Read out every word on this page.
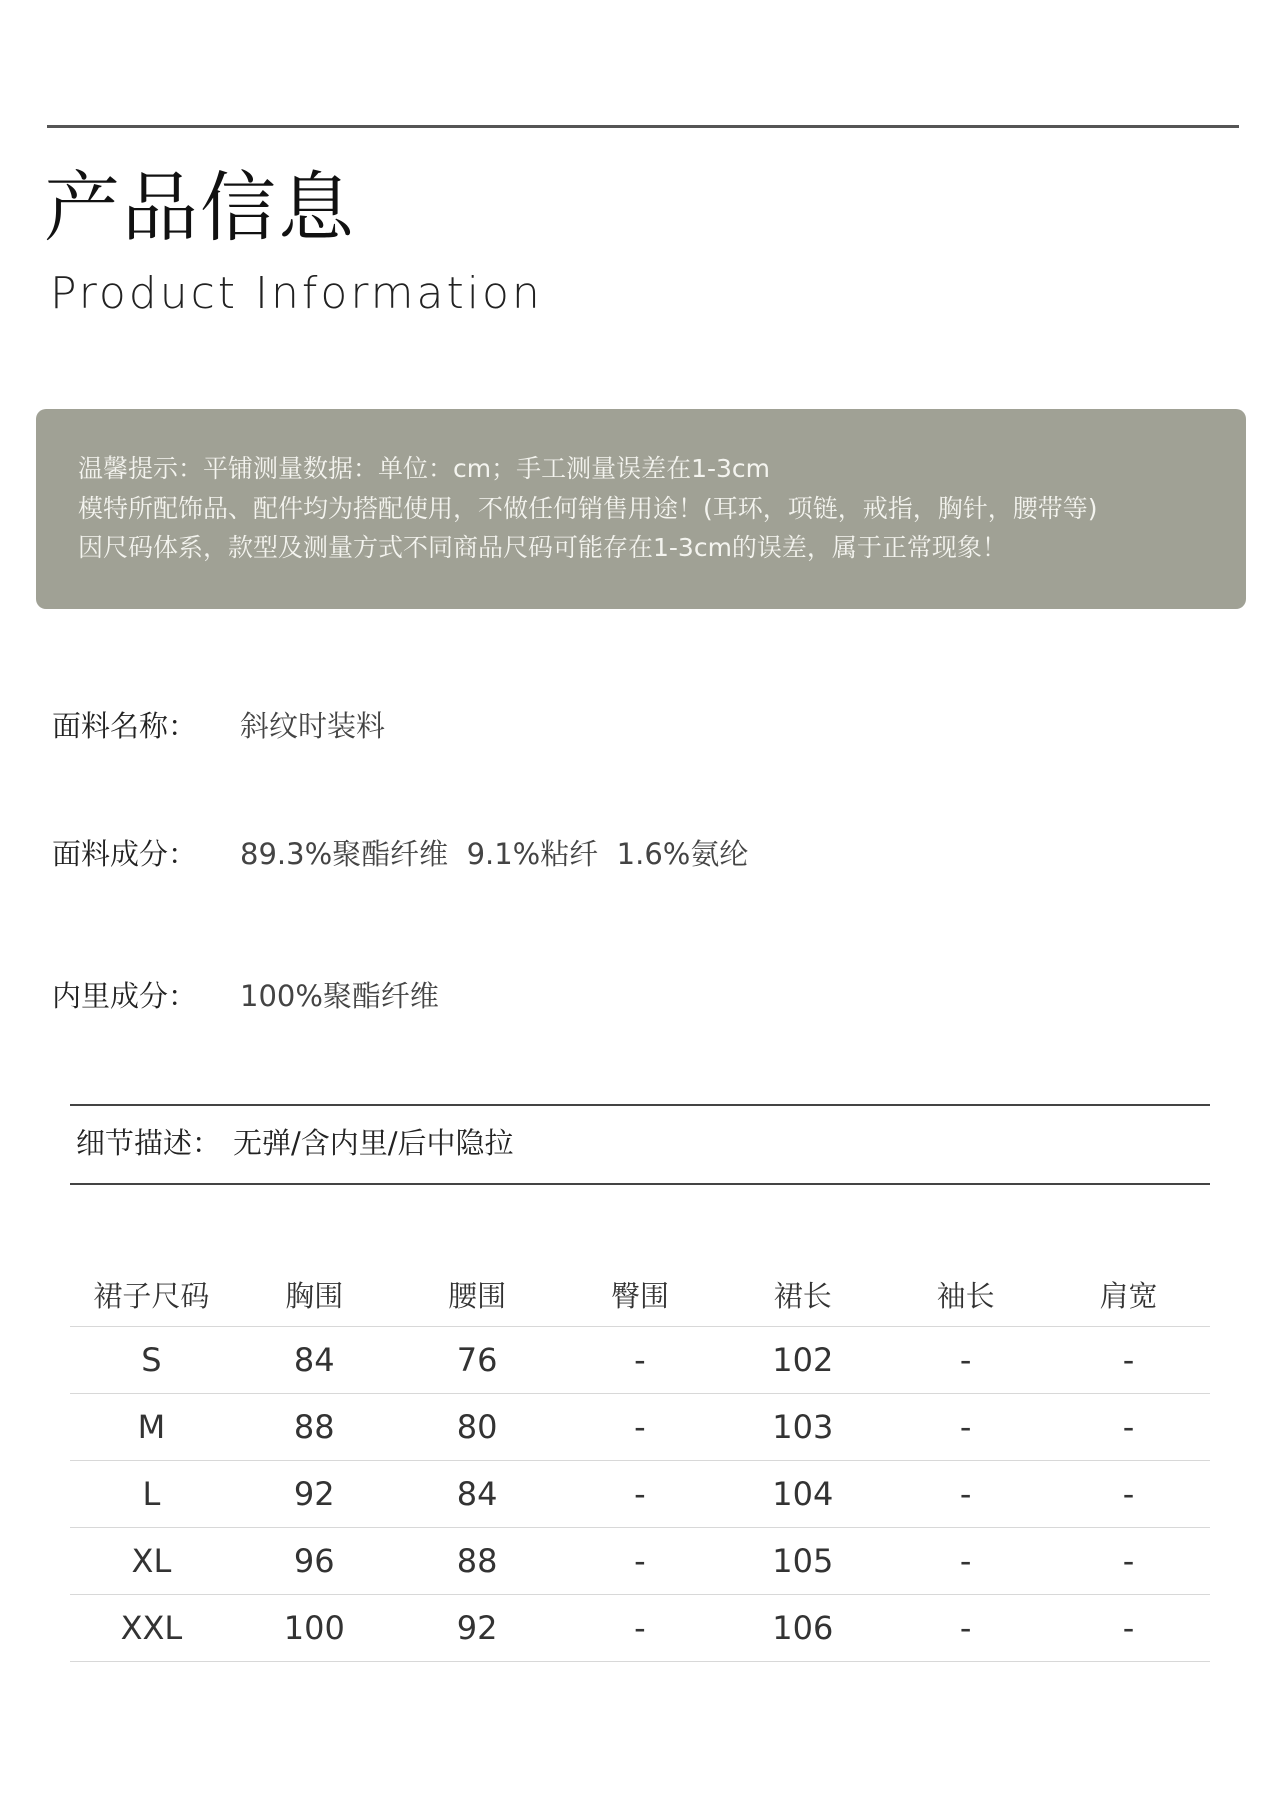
产品信息
Product Information

温馨提示：平铺测量数据：单位：cm；手工测量误差在1-3cm

模特所配饰品、配件均为搭配使用，不做任何销售用途！(耳环，项链，戒指，胸针，腰带等)

因尺码体系，款型及测量方式不同商品尺码可能存在1-3cm的误差，属于正常现象！

面料名称： 斜纹时装料
面料成分： 89.3%聚酯纤维  9.1%粘纤  1.6%氨纶
内里成分： 100%聚酯纤维
细节描述： 无弹/含内里/后中隐拉
裙子尺码	胸围	腰围	臀围	裙长	袖长	肩宽
S	84	76	-	102	-	-
M	88	80	-	103	-	-
L	92	84	-	104	-	-
XL	96	88	-	105	-	-
XXL	100	92	-	106	-	-
